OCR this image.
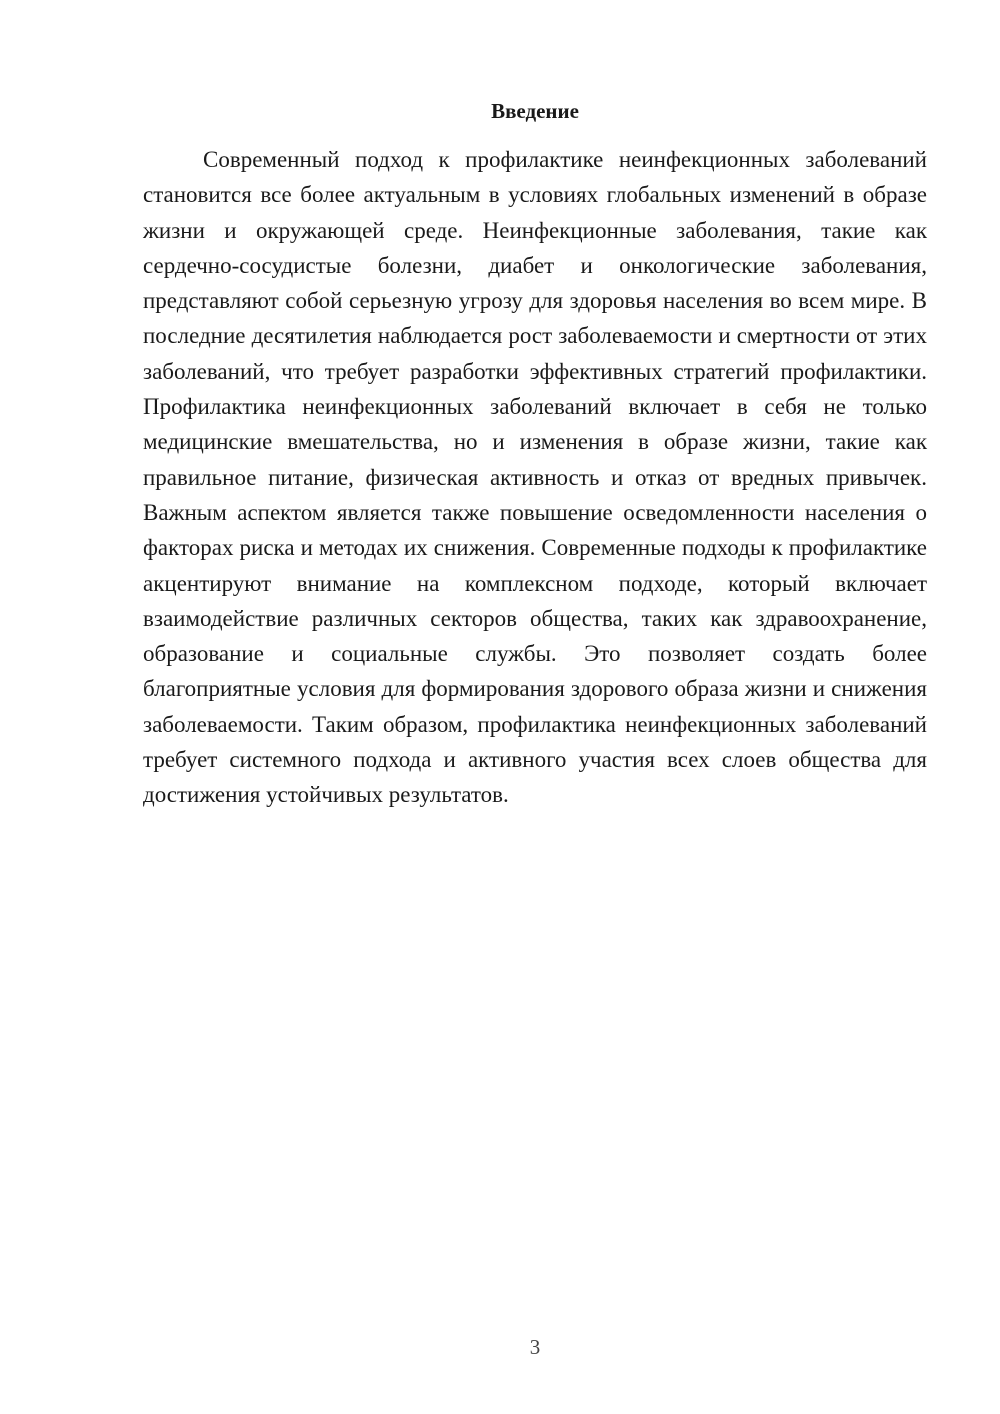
Введение

Современный подход к профилактике неинфекционных заболеваний становится все более актуальным в условиях глобальных изменений в образе жизни и окружающей среде. Неинфекционные заболевания, такие как сердечно-сосудистые болезни, диабет и онкологические заболевания, представляют собой серьезную угрозу для здоровья населения во всем мире. В последние десятилетия наблюдается рост заболеваемости и смертности от этих заболеваний, что требует разработки эффективных стратегий профилактики. Профилактика неинфекционных заболеваний включает в себя не только медицинские вмешательства, но и изменения в образе жизни, такие как правильное питание, физическая активность и отказ от вредных привычек. Важным аспектом является также повышение осведомленности населения о факторах риска и методах их снижения. Современные подходы к профилактике акцентируют внимание на комплексном подходе, который включает взаимодействие различных секторов общества, таких как здравоохранение, образование и социальные службы. Это позволяет создать более благоприятные условия для формирования здорового образа жизни и снижения заболеваемости. Таким образом, профилактика неинфекционных заболеваний требует системного подхода и активного участия всех слоев общества для достижения устойчивых результатов.

3
